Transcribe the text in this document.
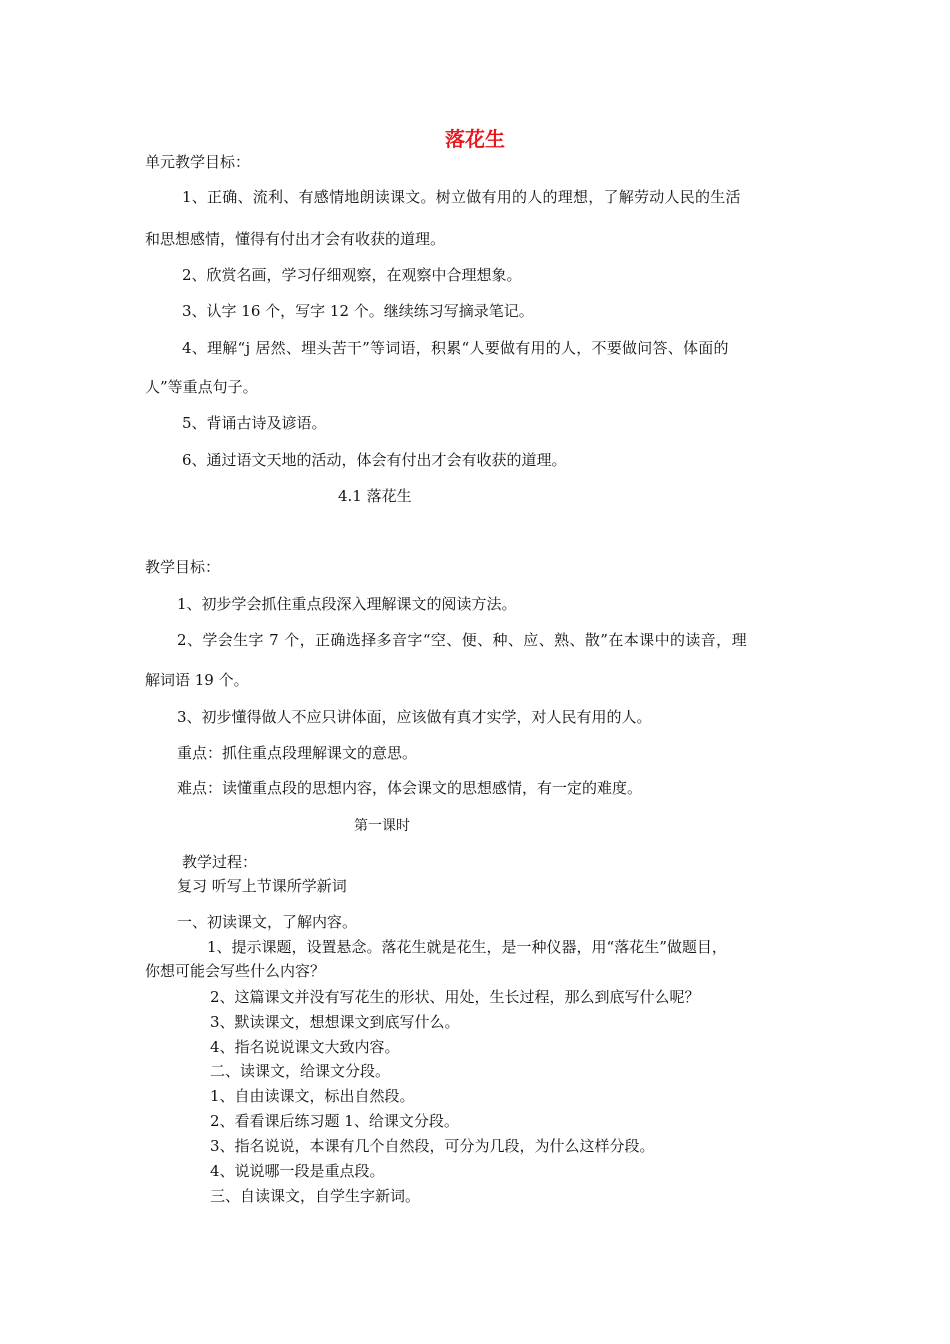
落花生
单元教学目标：
1、正确、流利、有感情地朗读课文。树立做有用的人的理想，了解劳动人民的生活
和思想感情，懂得有付出才会有收获的道理。
2、欣赏名画，学习仔细观察，在观察中合理想象。
3、认字 16 个，写字 12 个。继续练习写摘录笔记。
4、理解“j 居然、埋头苦干”等词语，积累“人要做有用的人，不要做问答、体面的
人”等重点句子。
5、背诵古诗及谚语。
6、通过语文天地的活动，体会有付出才会有收获的道理。
4.1 落花生
教学目标：
1、初步学会抓住重点段深入理解课文的阅读方法。
2、学会生字 7 个，正确选择多音字“空、便、种、应、熟、散”在本课中的读音，理
解词语 19 个。
3、初步懂得做人不应只讲体面，应该做有真才实学，对人民有用的人。
重点：抓住重点段理解课文的意思。
难点：读懂重点段的思想内容，体会课文的思想感情，有一定的难度。
第一课时
教学过程：
复习 听写上节课所学新词
一、初读课文，了解内容。
1、提示课题，设置悬念。落花生就是花生，是一种仪器，用“落花生”做题目，
你想可能会写些什么内容？
2、这篇课文并没有写花生的形状、用处，生长过程，那么到底写什么呢？
3、默读课文，想想课文到底写什么。
4、指名说说课文大致内容。
二、读课文，给课文分段。
1、自由读课文，标出自然段。
2、看看课后练习题 1、给课文分段。
3、指名说说，本课有几个自然段，可分为几段，为什么这样分段。
4、说说哪一段是重点段。
三、自读课文，自学生字新词。
